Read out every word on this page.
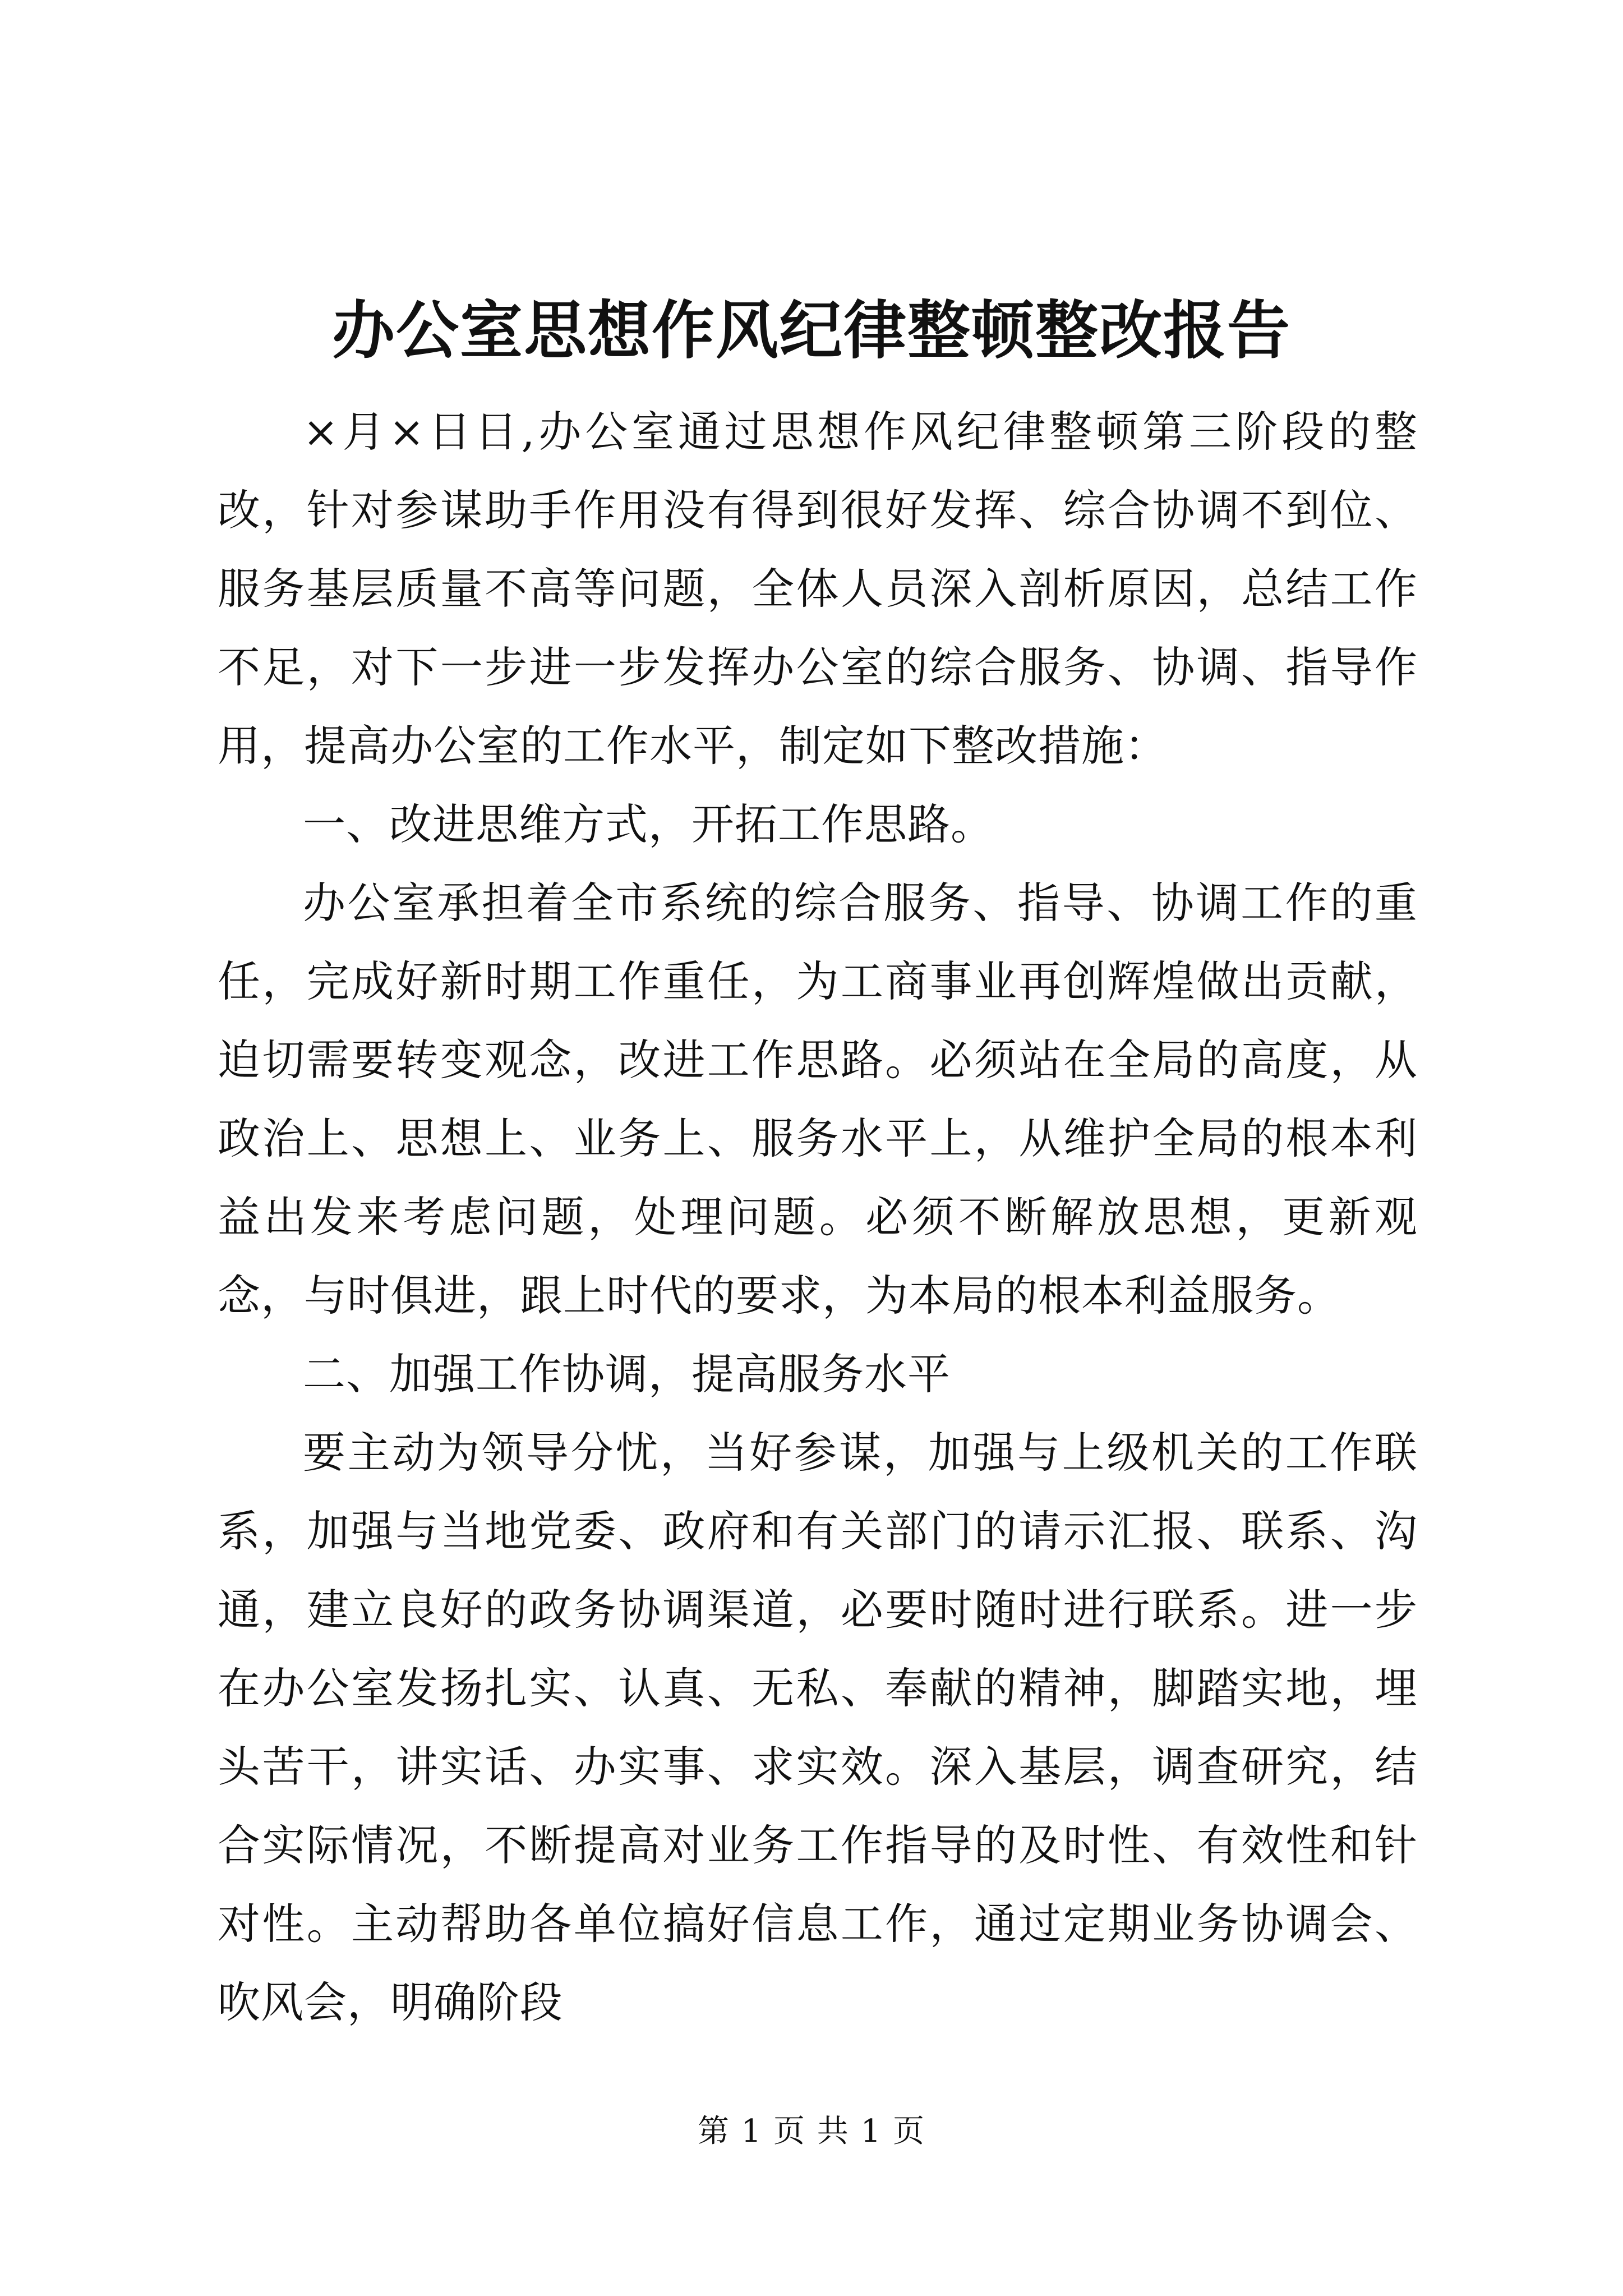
办公室思想作风纪律整顿整改报告

×月×日日,办公室通过思想作风纪律整顿第三阶段的整改，针对参谋助手作用没有得到很好发挥、综合协调不到位、服务基层质量不高等问题，全体人员深入剖析原因，总结工作不足，对下一步进一步发挥办公室的综合服务、协调、指导作用，提高办公室的工作水平，制定如下整改措施：

一、改进思维方式，开拓工作思路。

办公室承担着全市系统的综合服务、指导、协调工作的重任，完成好新时期工作重任，为工商事业再创辉煌做出贡献，迫切需要转变观念，改进工作思路。必须站在全局的高度，从政治上、思想上、业务上、服务水平上，从维护全局的根本利益出发来考虑问题，处理问题。必须不断解放思想，更新观念，与时俱进，跟上时代的要求，为本局的根本利益服务。

二、加强工作协调，提高服务水平

要主动为领导分忧，当好参谋，加强与上级机关的工作联系，加强与当地党委、政府和有关部门的请示汇报、联系、沟通，建立良好的政务协调渠道，必要时随时进行联系。进一步在办公室发扬扎实、认真、无私、奉献的精神，脚踏实地，埋头苦干，讲实话、办实事、求实效。深入基层，调查研究，结合实际情况，不断提高对业务工作指导的及时性、有效性和针对性。主动帮助各单位搞好信息工作，通过定期业务协调会、吹风会，明确阶段

第 1 页 共 1 页
